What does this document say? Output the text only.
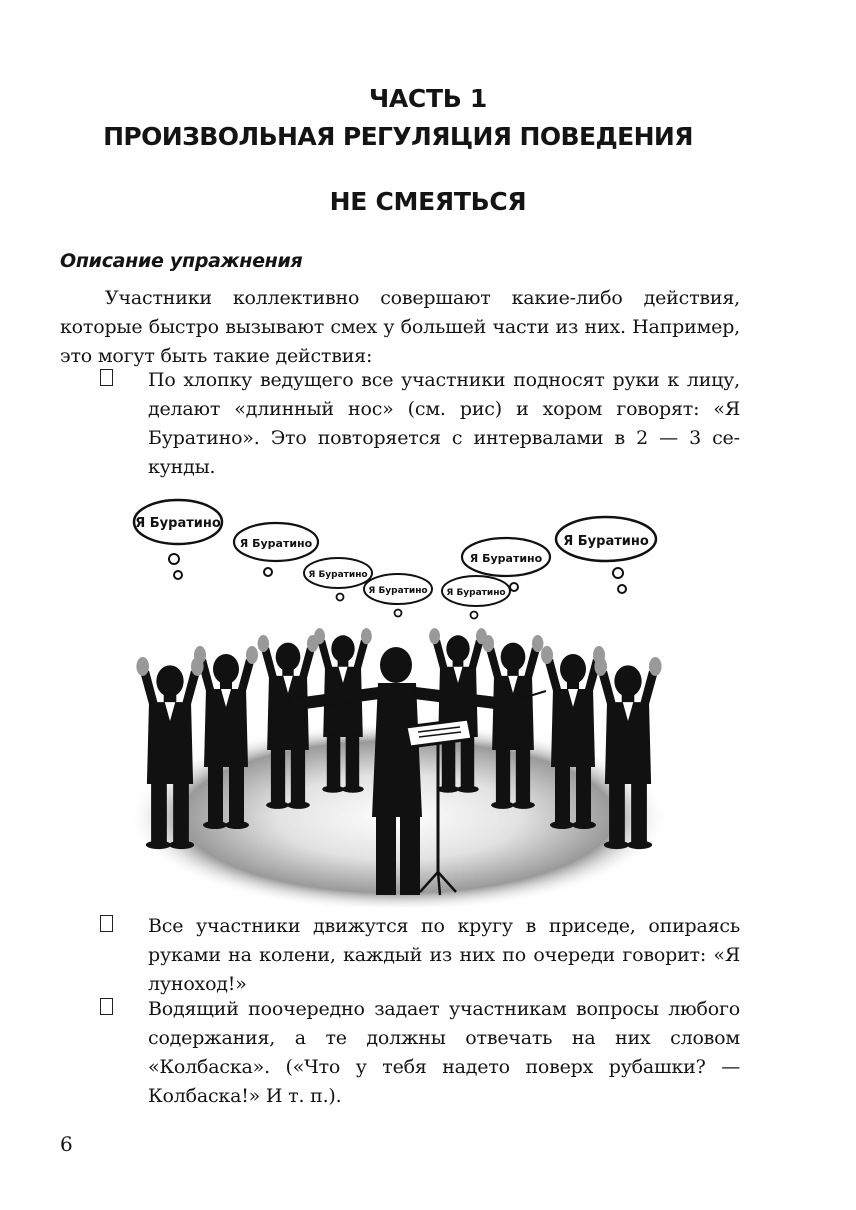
ЧАСТЬ 1
ПРОИЗВОЛЬНАЯ РЕГУЛЯЦИЯ ПОВЕДЕНИЯ
НЕ СМЕЯТЬСЯ
Описание упражнения
Участники коллективно совершают какие-либо действия, которые быстро вызывают смех у большей части из них. Например, это могут быть такие действия:
По хлопку ведущего все участники подносят руки к лицу, делают «длинный нос» (см. рис) и хором говорят: «Я Буратино». Это повторяется с интервалами в 2 — 3 секунды.
Я Буратино
Я Буратино
Я Буратино
Я Буратино Я Буратино
Я Буратино
Я Буратино
Все участники движутся по кругу в приседе, опираясь руками на колени, каждый из них по очереди говорит: «Я луноход!»
Водящий поочередно задает участникам вопросы любого содержания, а те должны отвечать на них словом «Колбаска». («Что у тебя надето поверх рубашки? — Колбаска!» И т. п.).
6
